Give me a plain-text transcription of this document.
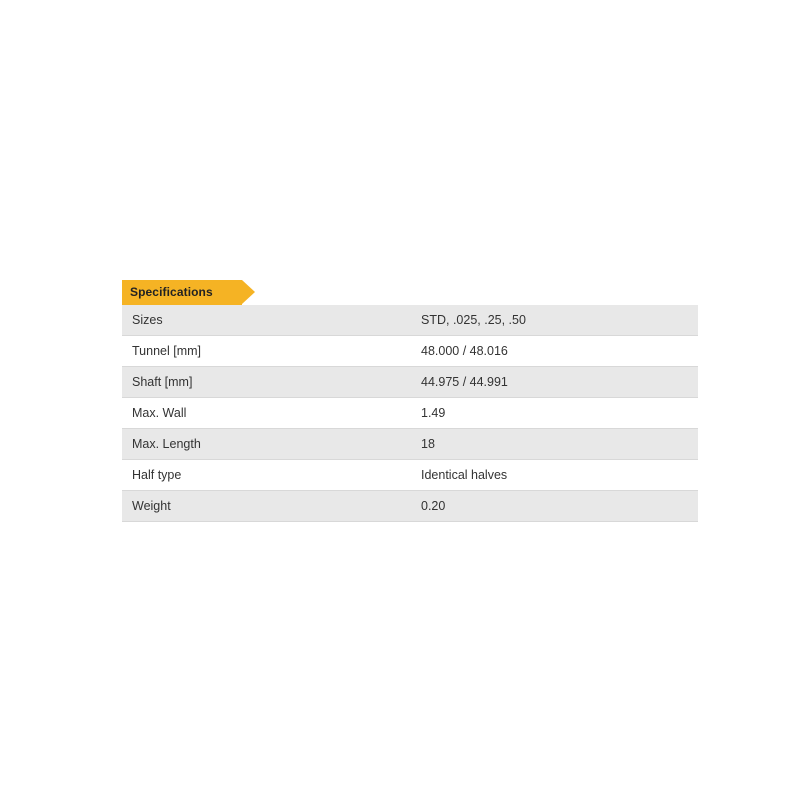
Specifications
Sizes	STD, .025, .25, .50
Tunnel [mm]	48.000 / 48.016
Shaft [mm]	44.975 / 44.991
Max. Wall	1.49
Max. Length	18
Half type	Identical halves
Weight	0.20
